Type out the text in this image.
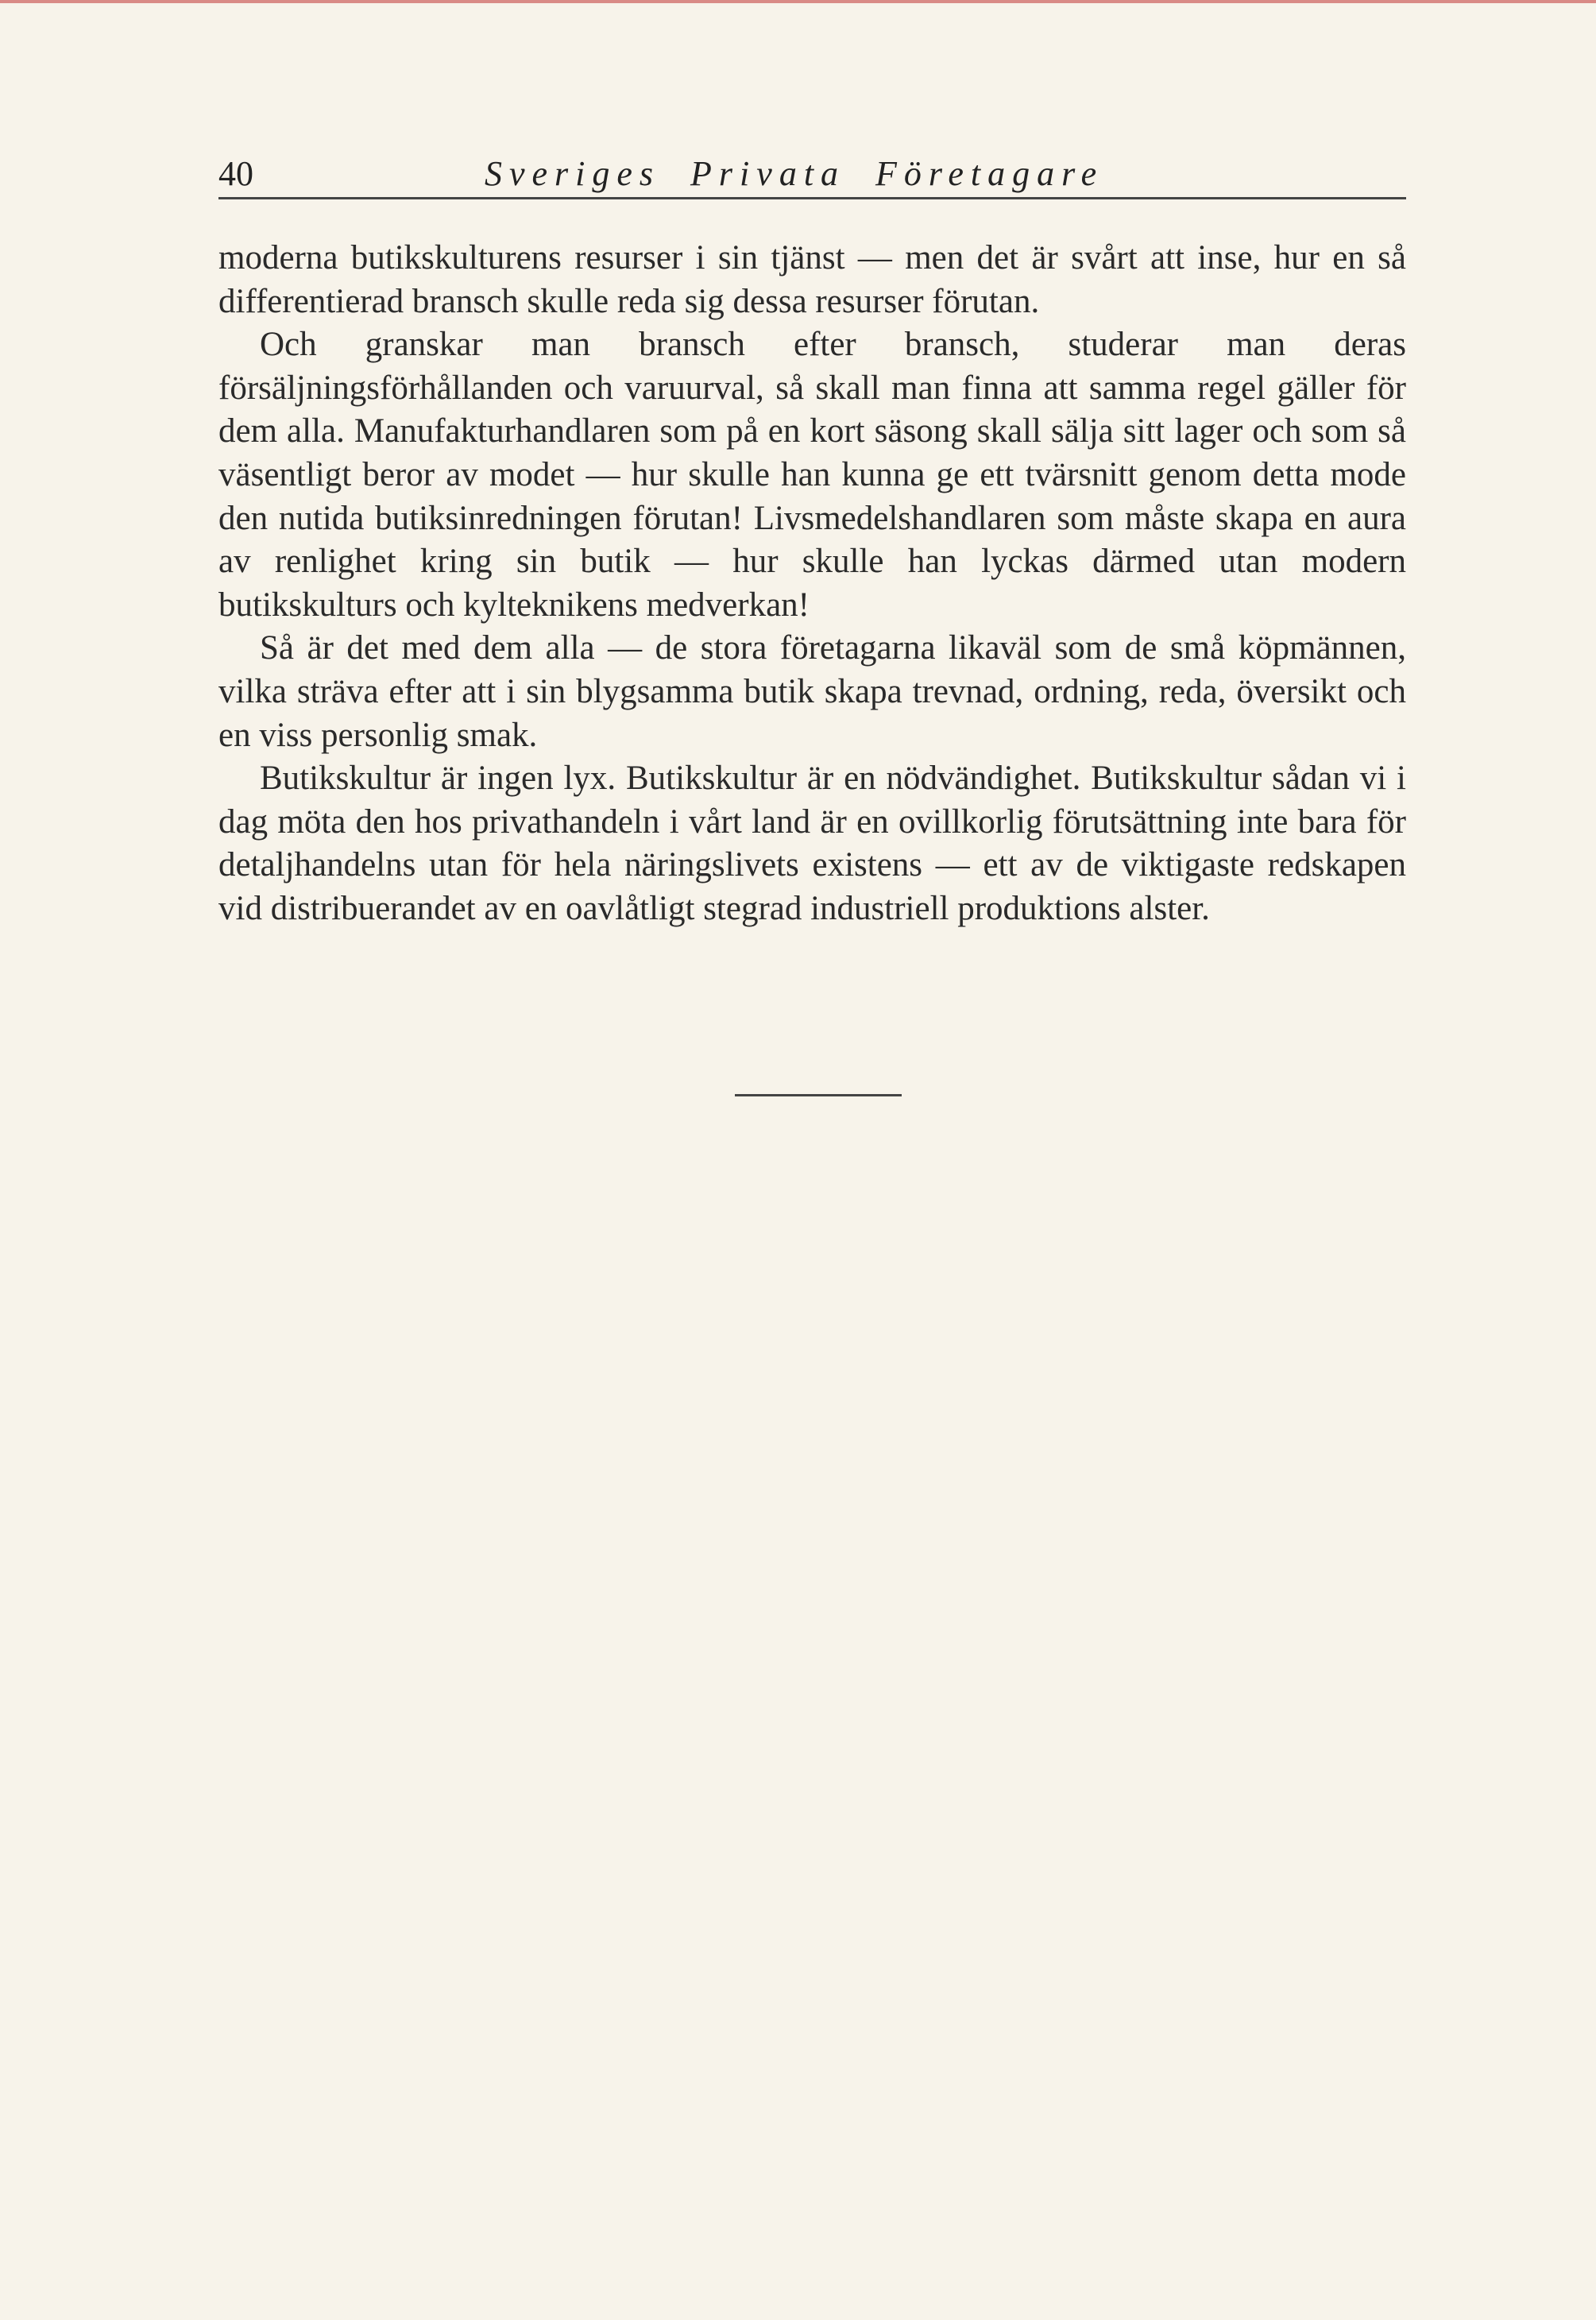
40	Sveriges Privata Företagare

moderna butikskulturens resurser i sin tjänst — men det är svårt att inse, hur en så differentierad bransch skulle reda sig dessa resurser förutan.

Och granskar man bransch efter bransch, studerar man deras försäljningsförhållanden och varuurval, så skall man finna att samma regel gäller för dem alla. Manufakturhandlaren som på en kort säsong skall sälja sitt lager och som så väsentligt beror av modet — hur skulle han kunna ge ett tvärsnitt genom detta mode den nutida butiksinredningen förutan! Livsmedelshandlaren som måste skapa en aura av renlighet kring sin butik — hur skulle han lyckas därmed utan modern butikskulturs och kylteknikens medverkan!

Så är det med dem alla — de stora företagarna likaväl som de små köpmännen, vilka sträva efter att i sin blygsamma butik skapa trevnad, ordning, reda, översikt och en viss personlig smak.

Butikskultur är ingen lyx. Butikskultur är en nödvändighet. Butikskultur sådan vi i dag möta den hos privathandeln i vårt land är en ovillkorlig förutsättning inte bara för detaljhandelns utan för hela näringslivets existens — ett av de viktigaste redskapen vid distribuerandet av en oavlåtligt stegrad industriell produktions alster.
